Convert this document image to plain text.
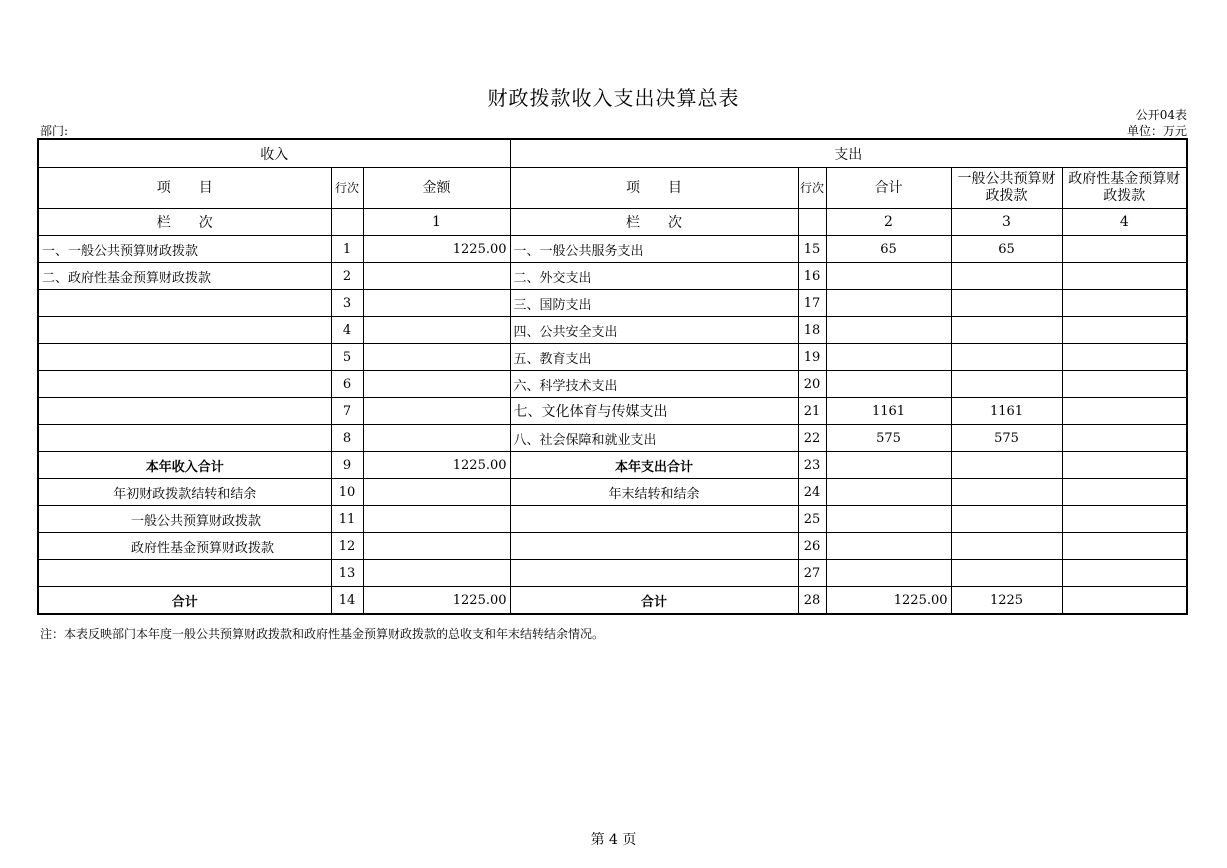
财政拨款收入支出决算总表
公开04表
部门:	单位：万元
收入			支出				
项　　目	行次	金额	项　　目	行次	合计	一般公共预算财政拨款	政府性基金预算财政拨款
栏　　次		1	栏　　次		2	3	4
一、一般公共预算财政拨款	1	1225.00	一、一般公共服务支出	15	65	65	
二、政府性基金预算财政拨款	2		二、外交支出	16			
	3		三、国防支出	17			
	4		四、公共安全支出	18			
	5		五、教育支出	19			
	6		六、科学技术支出	20			
	7		七、文化体育与传媒支出	21	1161	1161	
	8		八、社会保障和就业支出	22	575	575	
本年收入合计	9	1225.00	本年支出合计	23			
年初财政拨款结转和结余	10		年末结转和结余	24			
一般公共预算财政拨款	11			25			
政府性基金预算财政拨款	12			26			
	13			27			
合计	14	1225.00	合计	28	1225.00	1225	
注：本表反映部门本年度一般公共预算财政拨款和政府性基金预算财政拨款的总收支和年末结转结余情况。
第 4 页
